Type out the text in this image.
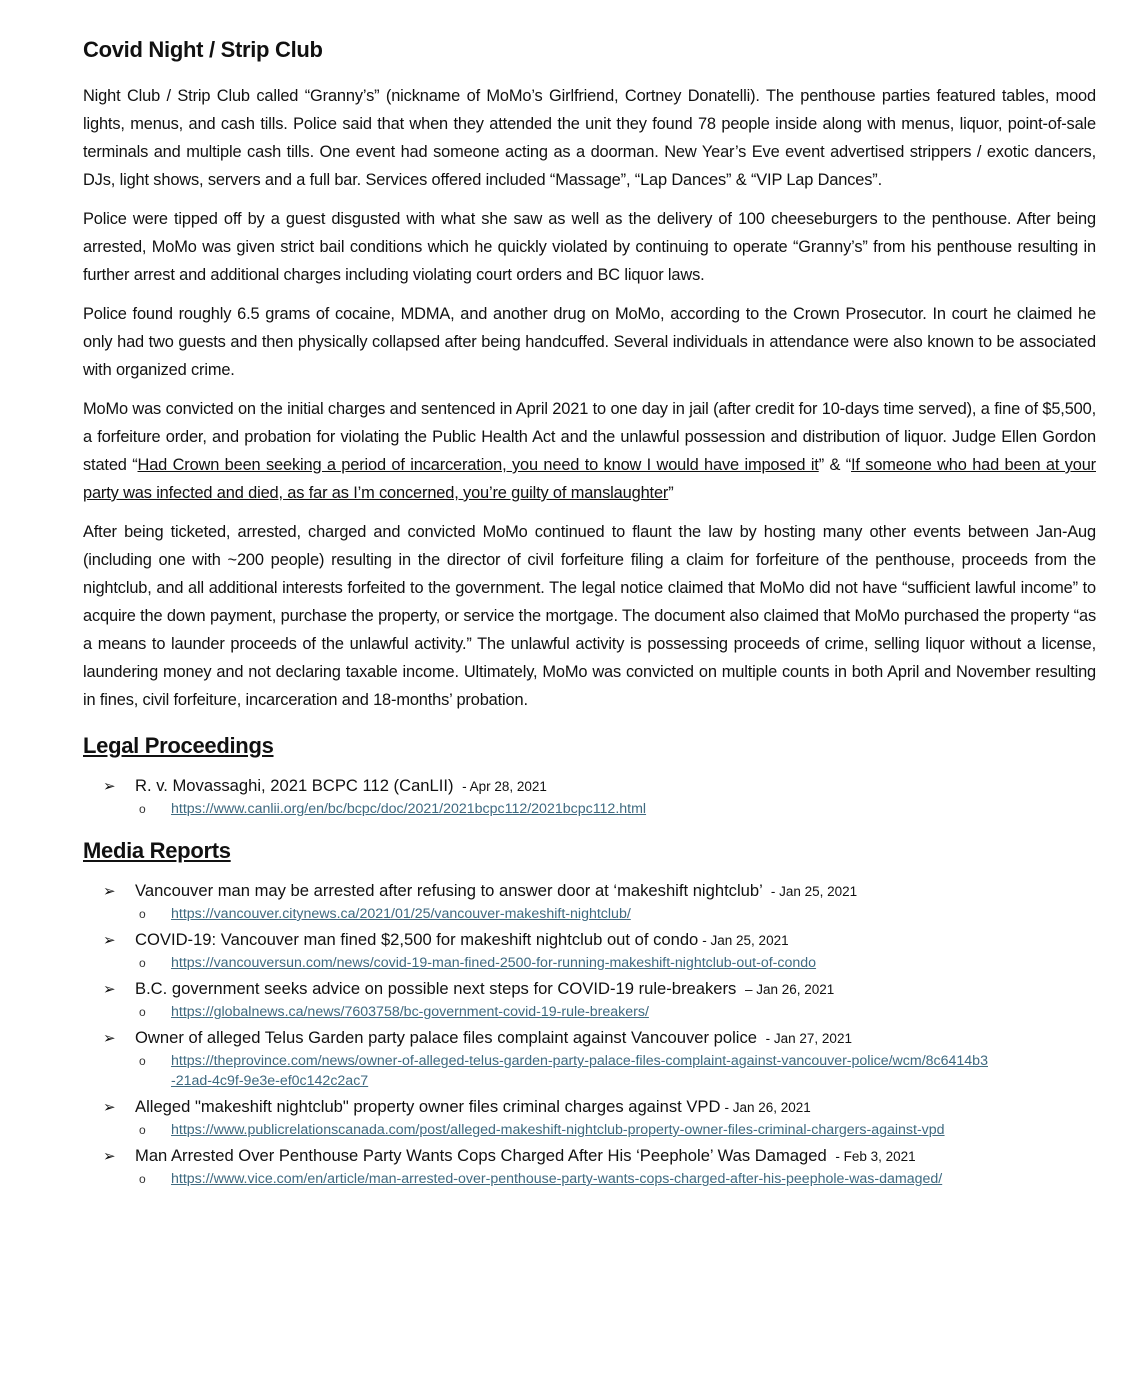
Covid Night / Strip Club

Night Club / Strip Club called “Granny’s” (nickname of MoMo’s Girlfriend, Cortney Donatelli). The penthouse parties featured tables, mood lights, menus, and cash tills. Police said that when they attended the unit they found 78 people inside along with menus, liquor, point-of-sale terminals and multiple cash tills. One event had someone acting as a doorman. New Year’s Eve event advertised strippers / exotic dancers, DJs, light shows, servers and a full bar. Services offered included “Massage”, “Lap Dances” & “VIP Lap Dances”.

Police were tipped off by a guest disgusted with what she saw as well as the delivery of 100 cheeseburgers to the penthouse. After being arrested, MoMo was given strict bail conditions which he quickly violated by continuing to operate “Granny’s” from his penthouse resulting in further arrest and additional charges including violating court orders and BC liquor laws.

Police found roughly 6.5 grams of cocaine, MDMA, and another drug on MoMo, according to the Crown Prosecutor. In court he claimed he only had two guests and then physically collapsed after being handcuffed. Several individuals in attendance were also known to be associated with organized crime.

MoMo was convicted on the initial charges and sentenced in April 2021 to one day in jail (after credit for 10-days time served), a fine of $5,500, a forfeiture order, and probation for violating the Public Health Act and the unlawful possession and distribution of liquor. Judge Ellen Gordon stated “Had Crown been seeking a period of incarceration, you need to know I would have imposed it” & “If someone who had been at your party was infected and died, as far as I’m concerned, you’re guilty of manslaughter”

After being ticketed, arrested, charged and convicted MoMo continued to flaunt the law by hosting many other events between Jan-Aug (including one with ~200 people) resulting in the director of civil forfeiture filing a claim for forfeiture of the penthouse, proceeds from the nightclub, and all additional interests forfeited to the government. The legal notice claimed that MoMo did not have “sufficient lawful income” to acquire the down payment, purchase the property, or service the mortgage. The document also claimed that MoMo purchased the property “as a means to launder proceeds of the unlawful activity.” The unlawful activity is possessing proceeds of crime, selling liquor without a license, laundering money and not declaring taxable income. Ultimately, MoMo was convicted on multiple counts in both April and November resulting in fines, civil forfeiture, incarceration and 18-months’ probation.

Legal Proceedings
➢	R. v. Movassaghi, 2021 BCPC 112 (CanLII) - Apr 28, 2021
o	https://www.canlii.org/en/bc/bcpc/doc/2021/2021bcpc112/2021bcpc112.html
Media Reports
➢	Vancouver man may be arrested after refusing to answer door at ‘makeshift nightclub’ - Jan 25, 2021
o	https://vancouver.citynews.ca/2021/01/25/vancouver-makeshift-nightclub/
➢	COVID-19: Vancouver man fined $2,500 for makeshift nightclub out of condo - Jan 25, 2021
o	https://vancouversun.com/news/covid-19-man-fined-2500-for-running-makeshift-nightclub-out-of-condo
➢	B.C. government seeks advice on possible next steps for COVID-19 rule-breakers – Jan 26, 2021
o	https://globalnews.ca/news/7603758/bc-government-covid-19-rule-breakers/
➢	Owner of alleged Telus Garden party palace files complaint against Vancouver police - Jan 27, 2021
o	https://theprovince.com/news/owner-of-alleged-telus-garden-party-palace-files-complaint-against-vancouver-police/wcm/8c6414b3-21ad-4c9f-9e3e-ef0c142c2ac7
➢	Alleged "makeshift nightclub" property owner files criminal charges against VPD - Jan 26, 2021
o	https://www.publicrelationscanada.com/post/alleged-makeshift-nightclub-property-owner-files-criminal-chargers-against-vpd
➢	Man Arrested Over Penthouse Party Wants Cops Charged After His ‘Peephole’ Was Damaged - Feb 3, 2021
o	https://www.vice.com/en/article/man-arrested-over-penthouse-party-wants-cops-charged-after-his-peephole-was-damaged/
